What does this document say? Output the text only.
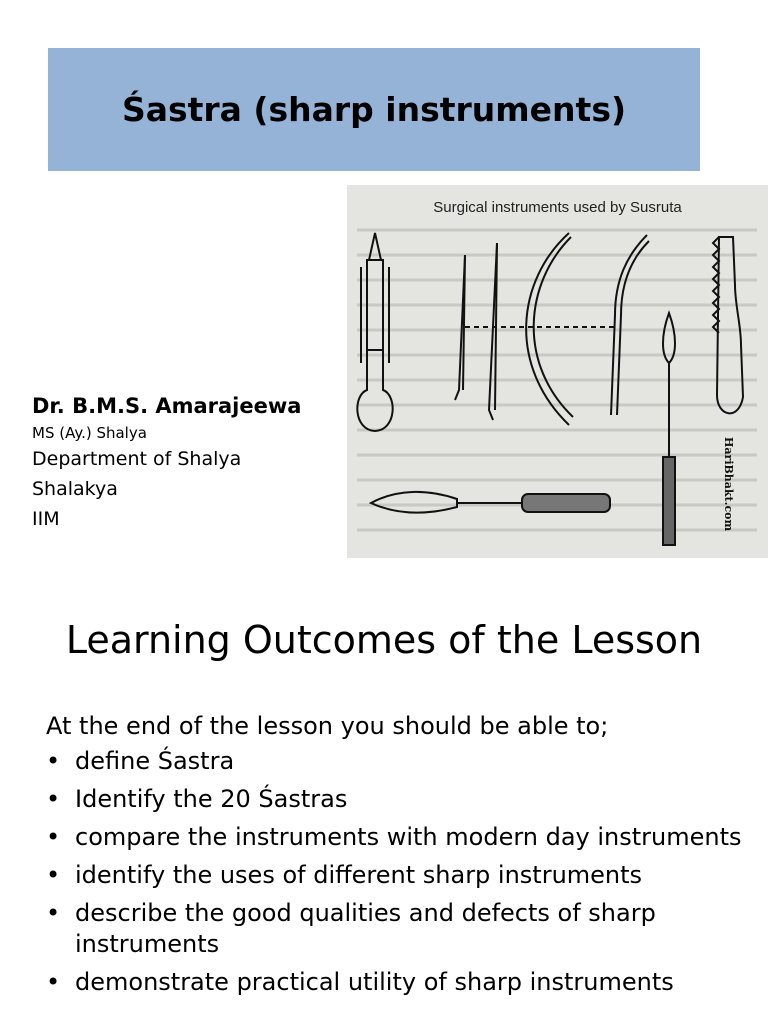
Śastra (sharp instruments)
Dr. B.M.S. Amarajeewa
MS (Ay.) Shalya
Department of Shalya
Shalakya
IIM
Surgical instruments used by Susruta
HariBhakt.com
Learning Outcomes of the Lesson

At the end of the lesson you should be able to;

• define Śastra
• Identify the 20 Śastras
• compare the instruments with modern day instruments
• identify the uses of different sharp instruments
• describe the good qualities and defects of sharp instruments
• demonstrate practical utility of sharp instruments
